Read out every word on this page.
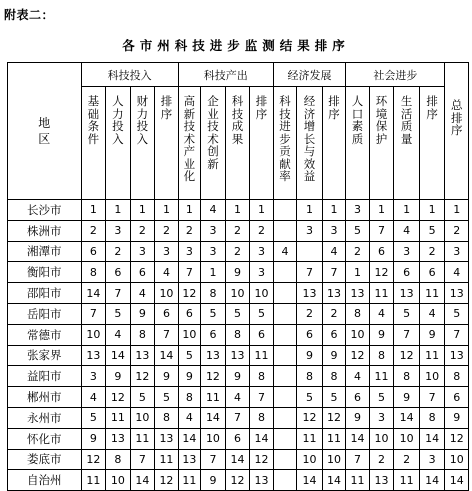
附表二：
各市州科技进步监测结果排序
地
区	科技投入				科技产出				经济发展			社会进步				总排序

	基础条件	人力投入	财力投入	排序	高新技术产业化	企业技术创新	科技成果	排序	科技进步贡献率	经济增长与效益	排序	人口素质	环境保护	生活质量	排序	

长沙市	1	1	1	1	1	4	1	1		1	1	3	1	1	1	1
株洲市	2	3	2	2	2	3	2	2		3	3	5	7	4	5	2
湘潭市	6	2	3	3	3	3	2	3	4		4	2	6	3	2	3
衡阳市	8	6	6	4	7	1	9	3		7	7	1	12	6	6	4
邵阳市	14	7	4	10	12	8	10	10		13	13	13	11	13	11	13
岳阳市	7	5	9	6	6	5	5	5		2	2	8	4	5	4	5
常德市	10	4	8	7	10	6	8	6		6	6	10	9	7	9	7
张家界	13	14	13	14	5	13	13	11		9	9	12	8	12	11	13
益阳市	3	9	12	9	9	12	9	8		8	8	4	11	8	10	8
郴州市	4	12	5	5	8	11	4	7		5	5	6	5	9	7	6
永州市	5	11	10	8	4	14	7	8		12	12	9	3	14	8	9
怀化市	9	13	11	13	14	10	6	14		11	11	14	10	10	14	12
娄底市	12	8	7	11	13	7	14	12		10	10	7	2	2	3	10
自治州	11	10	14	12	11	9	12	13		14	14	11	13	11	14	14
